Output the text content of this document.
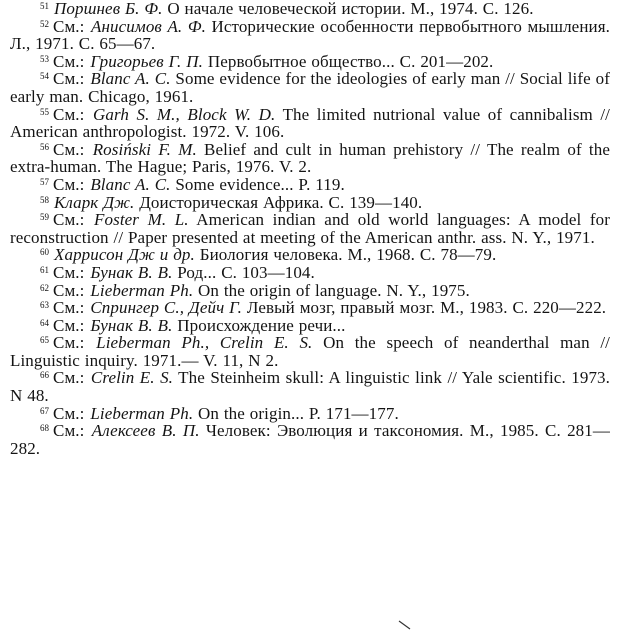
$^{51}$ Поршнев Б. Ф. О начале человеческой истории. М., 1974. С. 126.

$^{52}$ См.: Анисимов А. Ф. Исторические особенности первобытного мышления. Л., 1971. С. 65—67.

$^{53}$ См.: Григорьев Г. П. Первобытное общество... С. 201—202.

$^{54}$ См.: Blanc A. C. Some evidence for the ideologies of early man // Social life of early man. Chicago, 1961.

$^{55}$ См.: Garh S. M., Block W. D. The limited nutrional value of cannibalism // American anthropologist. 1972. V. 106.

$^{56}$ См.: Rosiński F. M. Belief and cult in human prehistory // The realm of the extra-human. The Hague; Paris, 1976. V. 2.

$^{57}$ См.: Blanc A. C. Some evidence... P. 119.

$^{58}$ Кларк Дж. Доисторическая Африка. С. 139—140.

$^{59}$ См.: Foster M. L. American indian and old world languages: A model for reconstruction // Paper presented at meeting of the American anthr. ass. N. Y., 1971.

$^{60}$ Харрисон Дж и др. Биология человека. М., 1968. С. 78—79.

$^{61}$ См.: Бунак В. В. Род... С. 103—104.

$^{62}$ См.: Lieberman Ph. On the origin of language. N. Y., 1975.

$^{63}$ См.: Спрингер С., Дейч Г. Левый мозг, правый мозг. М., 1983. С. 220—222.

$^{64}$ См.: Бунак В. В. Происхождение речи...

$^{65}$ См.: Lieberman Ph., Crelin E. S. On the speech of neanderthal man // Linguistic inquiry. 1971.— V. 11, N 2.

$^{66}$ См.: Crelin E. S. The Steinheim skull: A linguistic link // Yale scientific. 1973. N 48.

$^{67}$ См.: Lieberman Ph. On the origin... P. 171—177.

$^{68}$ См.: Алексеев В. П. Человек: Эволюция и таксономия. М., 1985. С. 281—282.
